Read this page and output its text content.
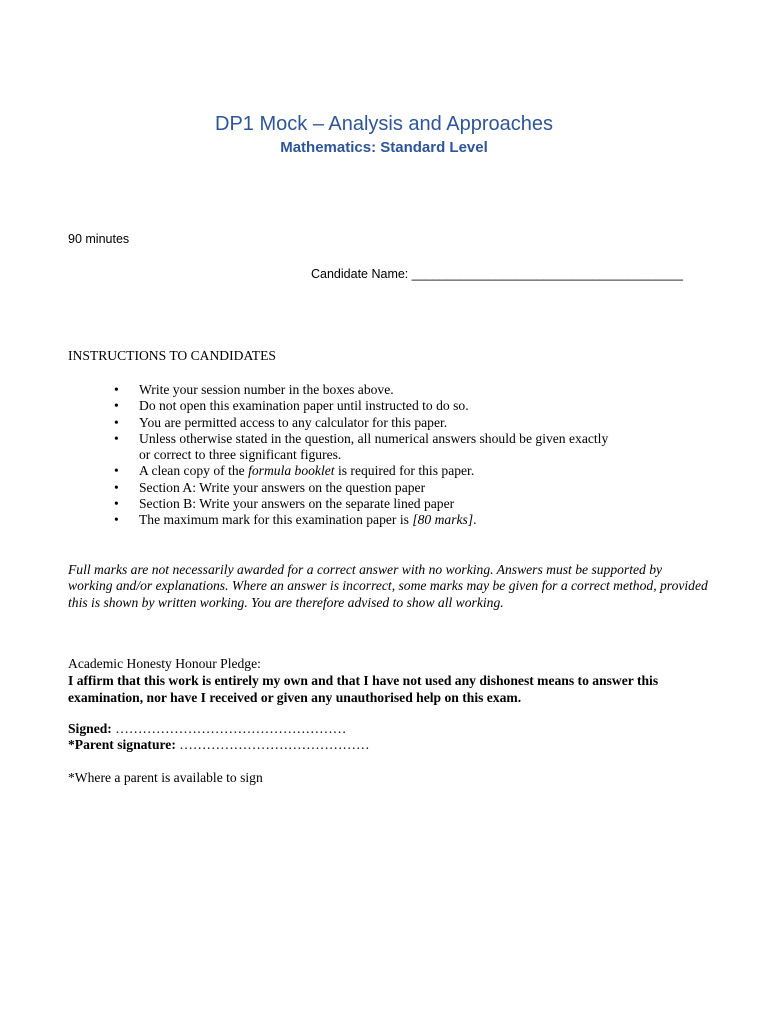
DP1 Mock – Analysis and Approaches
Mathematics: Standard Level
90 minutes
Candidate Name: _______________________________________
INSTRUCTIONS TO CANDIDATES
• Write your session number in the boxes above.
• Do not open this examination paper until instructed to do so.
• You are permitted access to any calculator for this paper.
• Unless otherwise stated in the question, all numerical answers should be given exactly
or correct to three significant figures.
• A clean copy of the formula booklet is required for this paper.
• Section A: Write your answers on the question paper
• Section B: Write your answers on the separate lined paper
• The maximum mark for this examination paper is [80 marks].
Full marks are not necessarily awarded for a correct answer with no working. Answers must be supported by working and/or explanations. Where an answer is incorrect, some marks may be given for a correct method, provided this is shown by written working. You are therefore advised to show all working.
Academic Honesty Honour Pledge:
I affirm that this work is entirely my own and that I have not used any dishonest means to answer this examination, nor have I received or given any unauthorised help on this exam.
Signed: ……………………………………………
*Parent signature: ……………………………………
*Where a parent is available to sign
